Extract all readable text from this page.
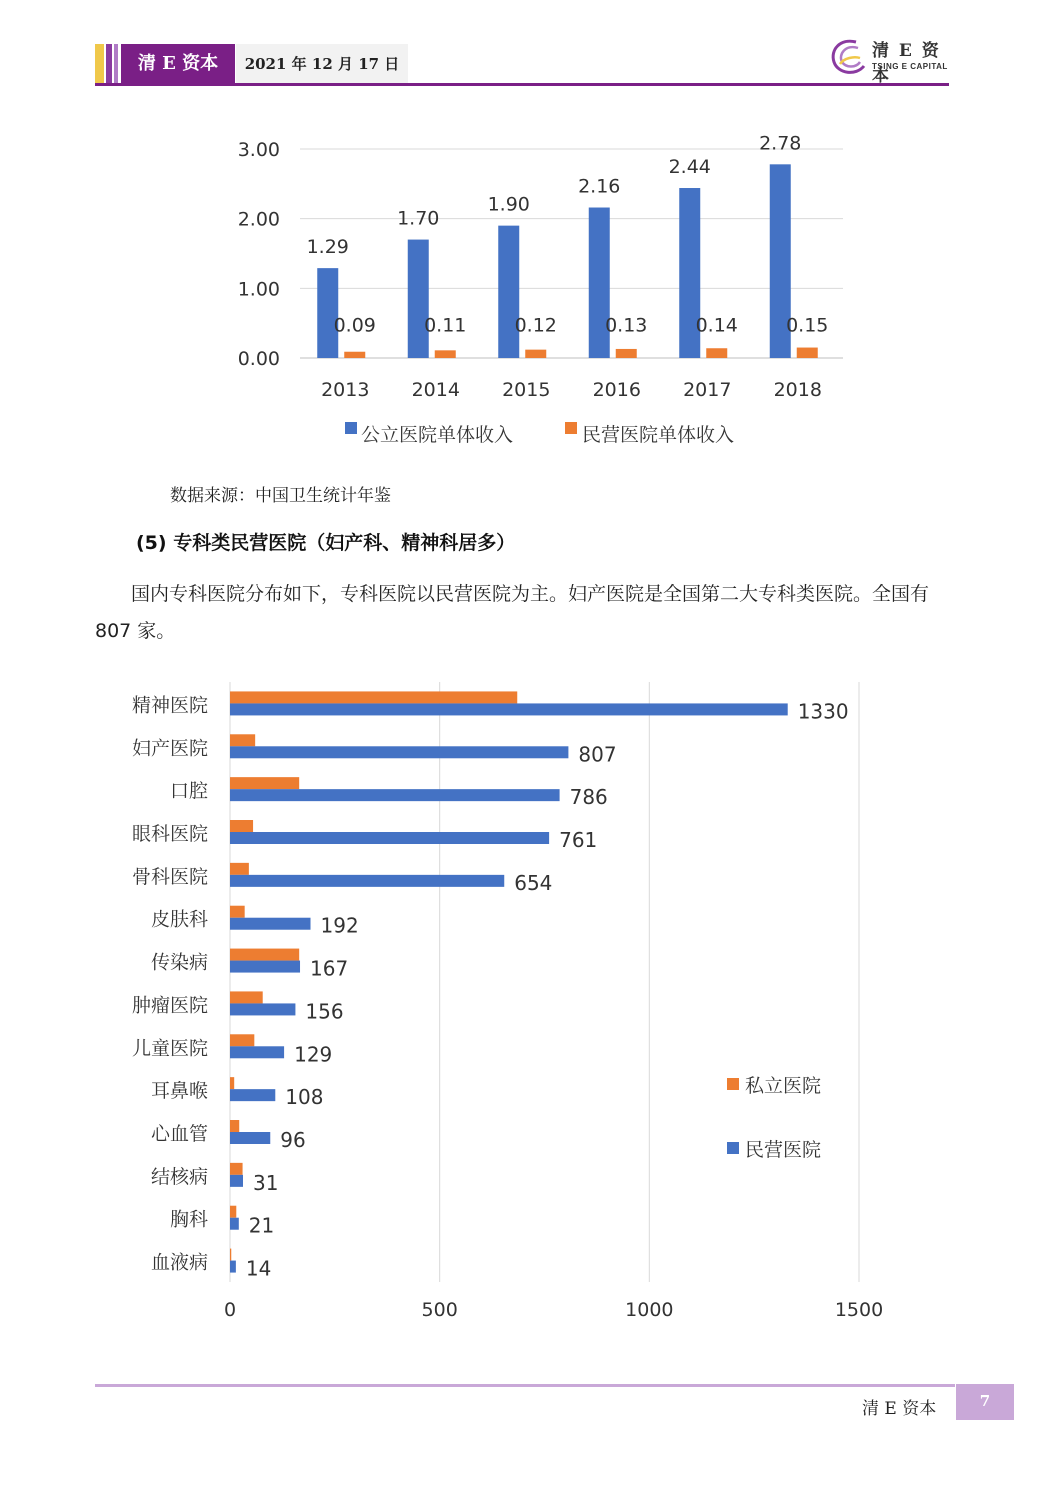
清 E 资本	2021 年 12 月 17 日
清 E 资本
TSING E CAPITAL
0.00
1.00
2.00
3.00
1.29
0.09
2013
1.70
0.11
2014
1.90
0.12
2015
2.16
0.13
2016
2.44
0.14
2017
2.78
0.15
2018
公立医院单体收入	民营医院单体收入
数据来源：中国卫生统计年鉴
(5) 专科类民营医院（妇产科、精神科居多）
国内专科医院分布如下，专科医院以民营医院为主。妇产医院是全国第二大专科类医院。全国有 807 家。
0	500	1000	1500
1330
精神医院
807
妇产医院
786
口腔
761
眼科医院
654
骨科医院
192
皮肤科
167
传染病
156
肿瘤医院
129
儿童医院
108
耳鼻喉
96
心血管
31
结核病
21
胸科
14
血液病
私立医院
民营医院
清 E 资本	7
